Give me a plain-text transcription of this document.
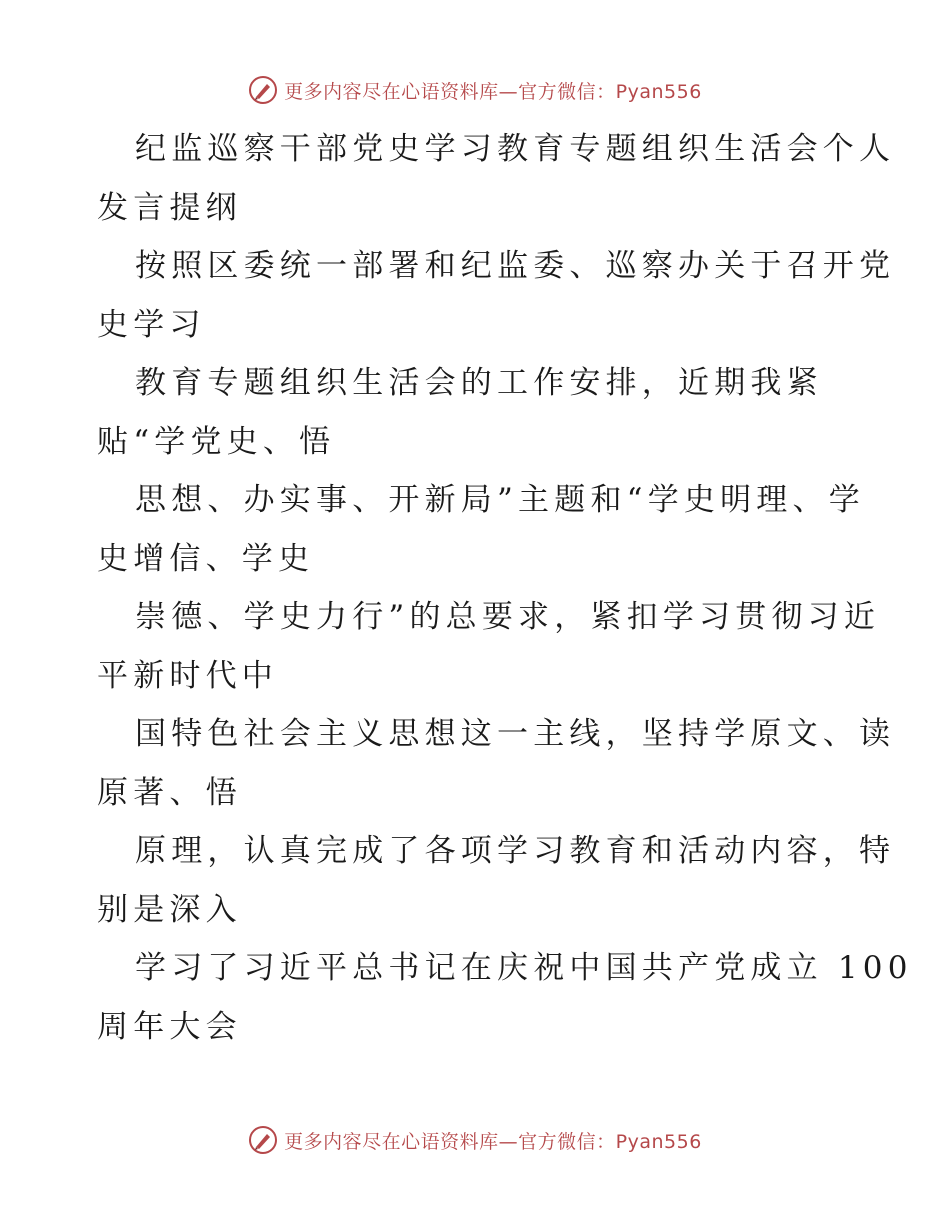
更多内容尽在心语资料库—官方微信：Pyan556
纪监巡察干部党史学习教育专题组织生活会个人
发言提纲
按照区委统一部署和纪监委、巡察办关于召开党
史学习
教育专题组织生活会的工作安排，近期我紧
贴“学党史、悟
思想、办实事、开新局”主题和“学史明理、学
史增信、学史
崇德、学史力行”的总要求，紧扣学习贯彻习近
平新时代中
国特色社会主义思想这一主线，坚持学原文、读
原著、悟
原理，认真完成了各项学习教育和活动内容，特
别是深入
学习了习近平总书记在庆祝中国共产党成立 100
周年大会
更多内容尽在心语资料库—官方微信：Pyan556
